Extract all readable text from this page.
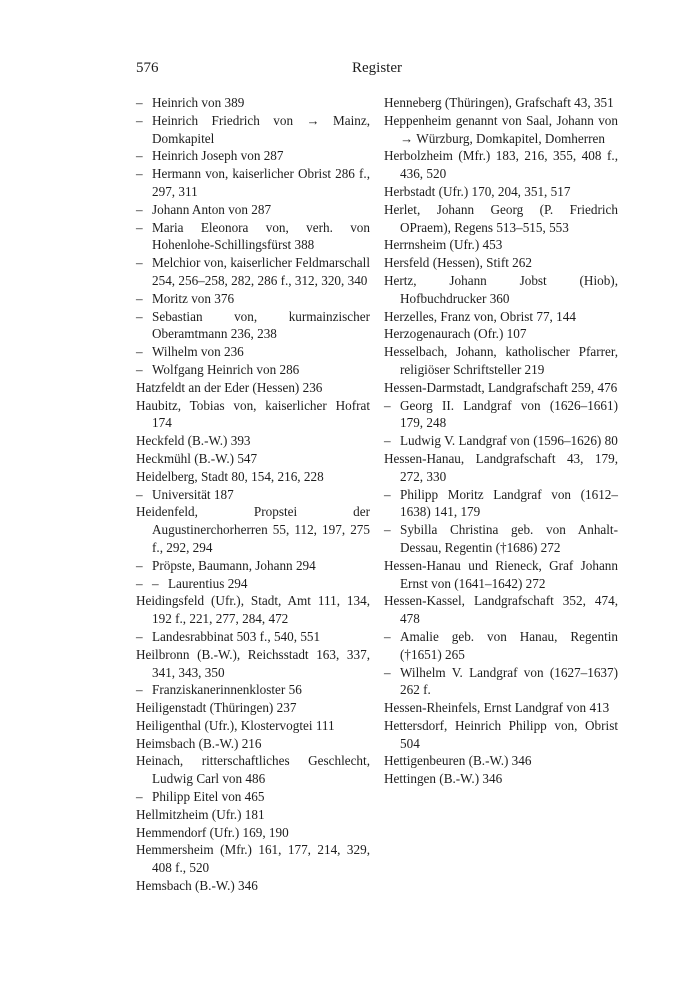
576	Register

– Heinrich von 389

– Heinrich Friedrich von → Mainz, Domkapitel

– Heinrich Joseph von 287

– Hermann von, kaiserlicher Obrist 286 f., 297, 311

– Johann Anton von 287

– Maria Eleonora von, verh. von Hohenlohe-Schillingsfürst 388

– Melchior von, kaiserlicher Feldmarschall 254, 256–258, 282, 286 f., 312, 320, 340

– Moritz von 376

– Sebastian von, kurmainzischer Oberamtmann 236, 238

– Wilhelm von 236

– Wolfgang Heinrich von 286

Hatzfeldt an der Eder (Hessen) 236

Haubitz, Tobias von, kaiserlicher Hofrat 174

Heckfeld (B.-W.) 393

Heckmühl (B.-W.) 547

Heidelberg, Stadt 80, 154, 216, 228

– Universität 187

Heidenfeld, Propstei der Augustinerchorherren 55, 112, 197, 275 f., 292, 294

– Pröpste, Baumann, Johann 294

– – Laurentius 294

Heidingsfeld (Ufr.), Stadt, Amt 111, 134, 192 f., 221, 277, 284, 472

– Landesrabbinat 503 f., 540, 551

Heilbronn (B.-W.), Reichsstadt 163, 337, 341, 343, 350

– Franziskanerinnenkloster 56

Heiligenstadt (Thüringen) 237

Heiligenthal (Ufr.), Klostervogtei 111

Heimsbach (B.-W.) 216

Heinach, ritterschaftliches Geschlecht, Ludwig Carl von 486

– Philipp Eitel von 465

Hellmitzheim (Ufr.) 181

Hemmendorf (Ufr.) 169, 190

Hemmersheim (Mfr.) 161, 177, 214, 329, 408 f., 520

Hemsbach (B.-W.) 346

Henneberg (Thüringen), Grafschaft 43, 351

Heppenheim genannt von Saal, Johann von → Würzburg, Domkapitel, Domherren

Herbolzheim (Mfr.) 183, 216, 355, 408 f., 436, 520

Herbstadt (Ufr.) 170, 204, 351, 517

Herlet, Johann Georg (P. Friedrich OPraem), Regens 513–515, 553

Herrnsheim (Ufr.) 453

Hersfeld (Hessen), Stift 262

Hertz, Johann Jobst (Hiob), Hofbuchdrucker 360

Herzelles, Franz von, Obrist 77, 144

Herzogenaurach (Ofr.) 107

Hesselbach, Johann, katholischer Pfarrer, religiöser Schriftsteller 219

Hessen-Darmstadt, Landgrafschaft 259, 476

– Georg II. Landgraf von (1626–1661) 179, 248

– Ludwig V. Landgraf von (1596–1626) 80

Hessen-Hanau, Landgrafschaft 43, 179, 272, 330

– Philipp Moritz Landgraf von (1612–1638) 141, 179

– Sybilla Christina geb. von Anhalt-Dessau, Regentin (†1686) 272

Hessen-Hanau und Rieneck, Graf Johann Ernst von (1641–1642) 272

Hessen-Kassel, Landgrafschaft 352, 474, 478

– Amalie geb. von Hanau, Regentin (†1651) 265

– Wilhelm V. Landgraf von (1627–1637) 262 f.

Hessen-Rheinfels, Ernst Landgraf von 413

Hettersdorf, Heinrich Philipp von, Obrist 504

Hettigenbeuren (B.-W.) 346

Hettingen (B.-W.) 346
